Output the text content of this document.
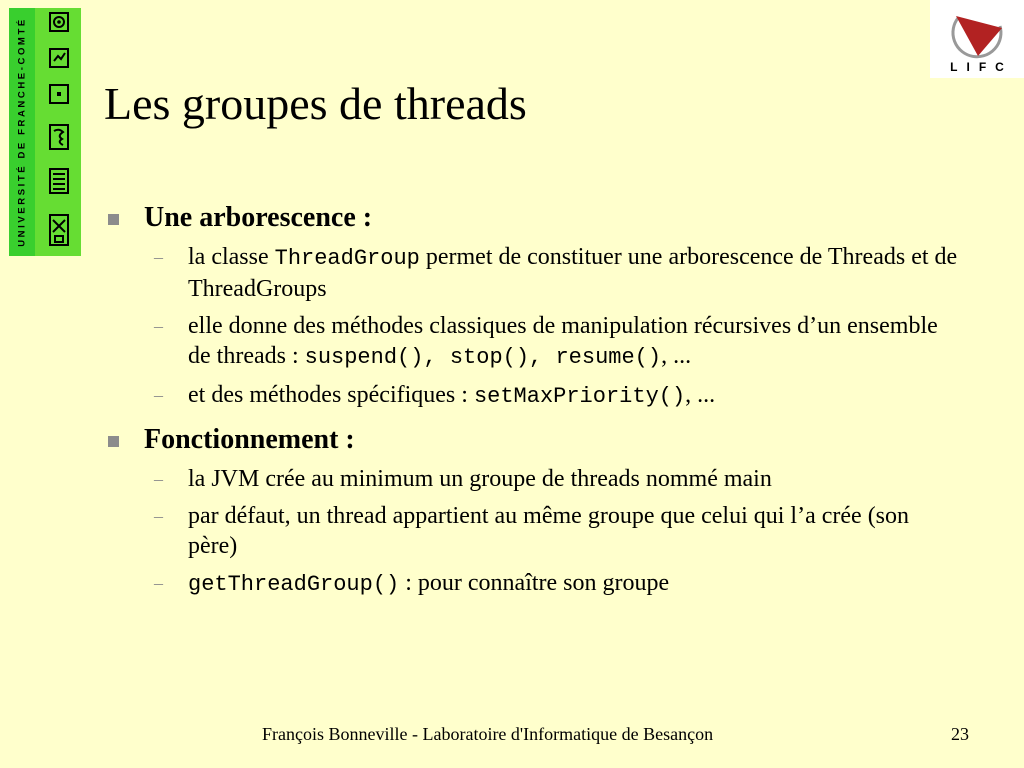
UNIVERSITÉ DE FRANCHE-COMTÉ	LIFC
Les groupes de threads
Une arborescence :
– la classe ThreadGroup permet de constituer une arborescence de Threads et de ThreadGroups
– elle donne des méthodes classiques de manipulation récursives d’un ensemble de threads : suspend(), stop(), resume(), ...
– et des méthodes spécifiques : setMaxPriority(), ...
Fonctionnement :
– la JVM crée au minimum un groupe de threads nommé main
– par défaut, un thread appartient au même groupe que celui qui l’a crée (son père)
– getThreadGroup() : pour connaître son groupe
François Bonneville - Laboratoire d'Informatique de Besançon	23
